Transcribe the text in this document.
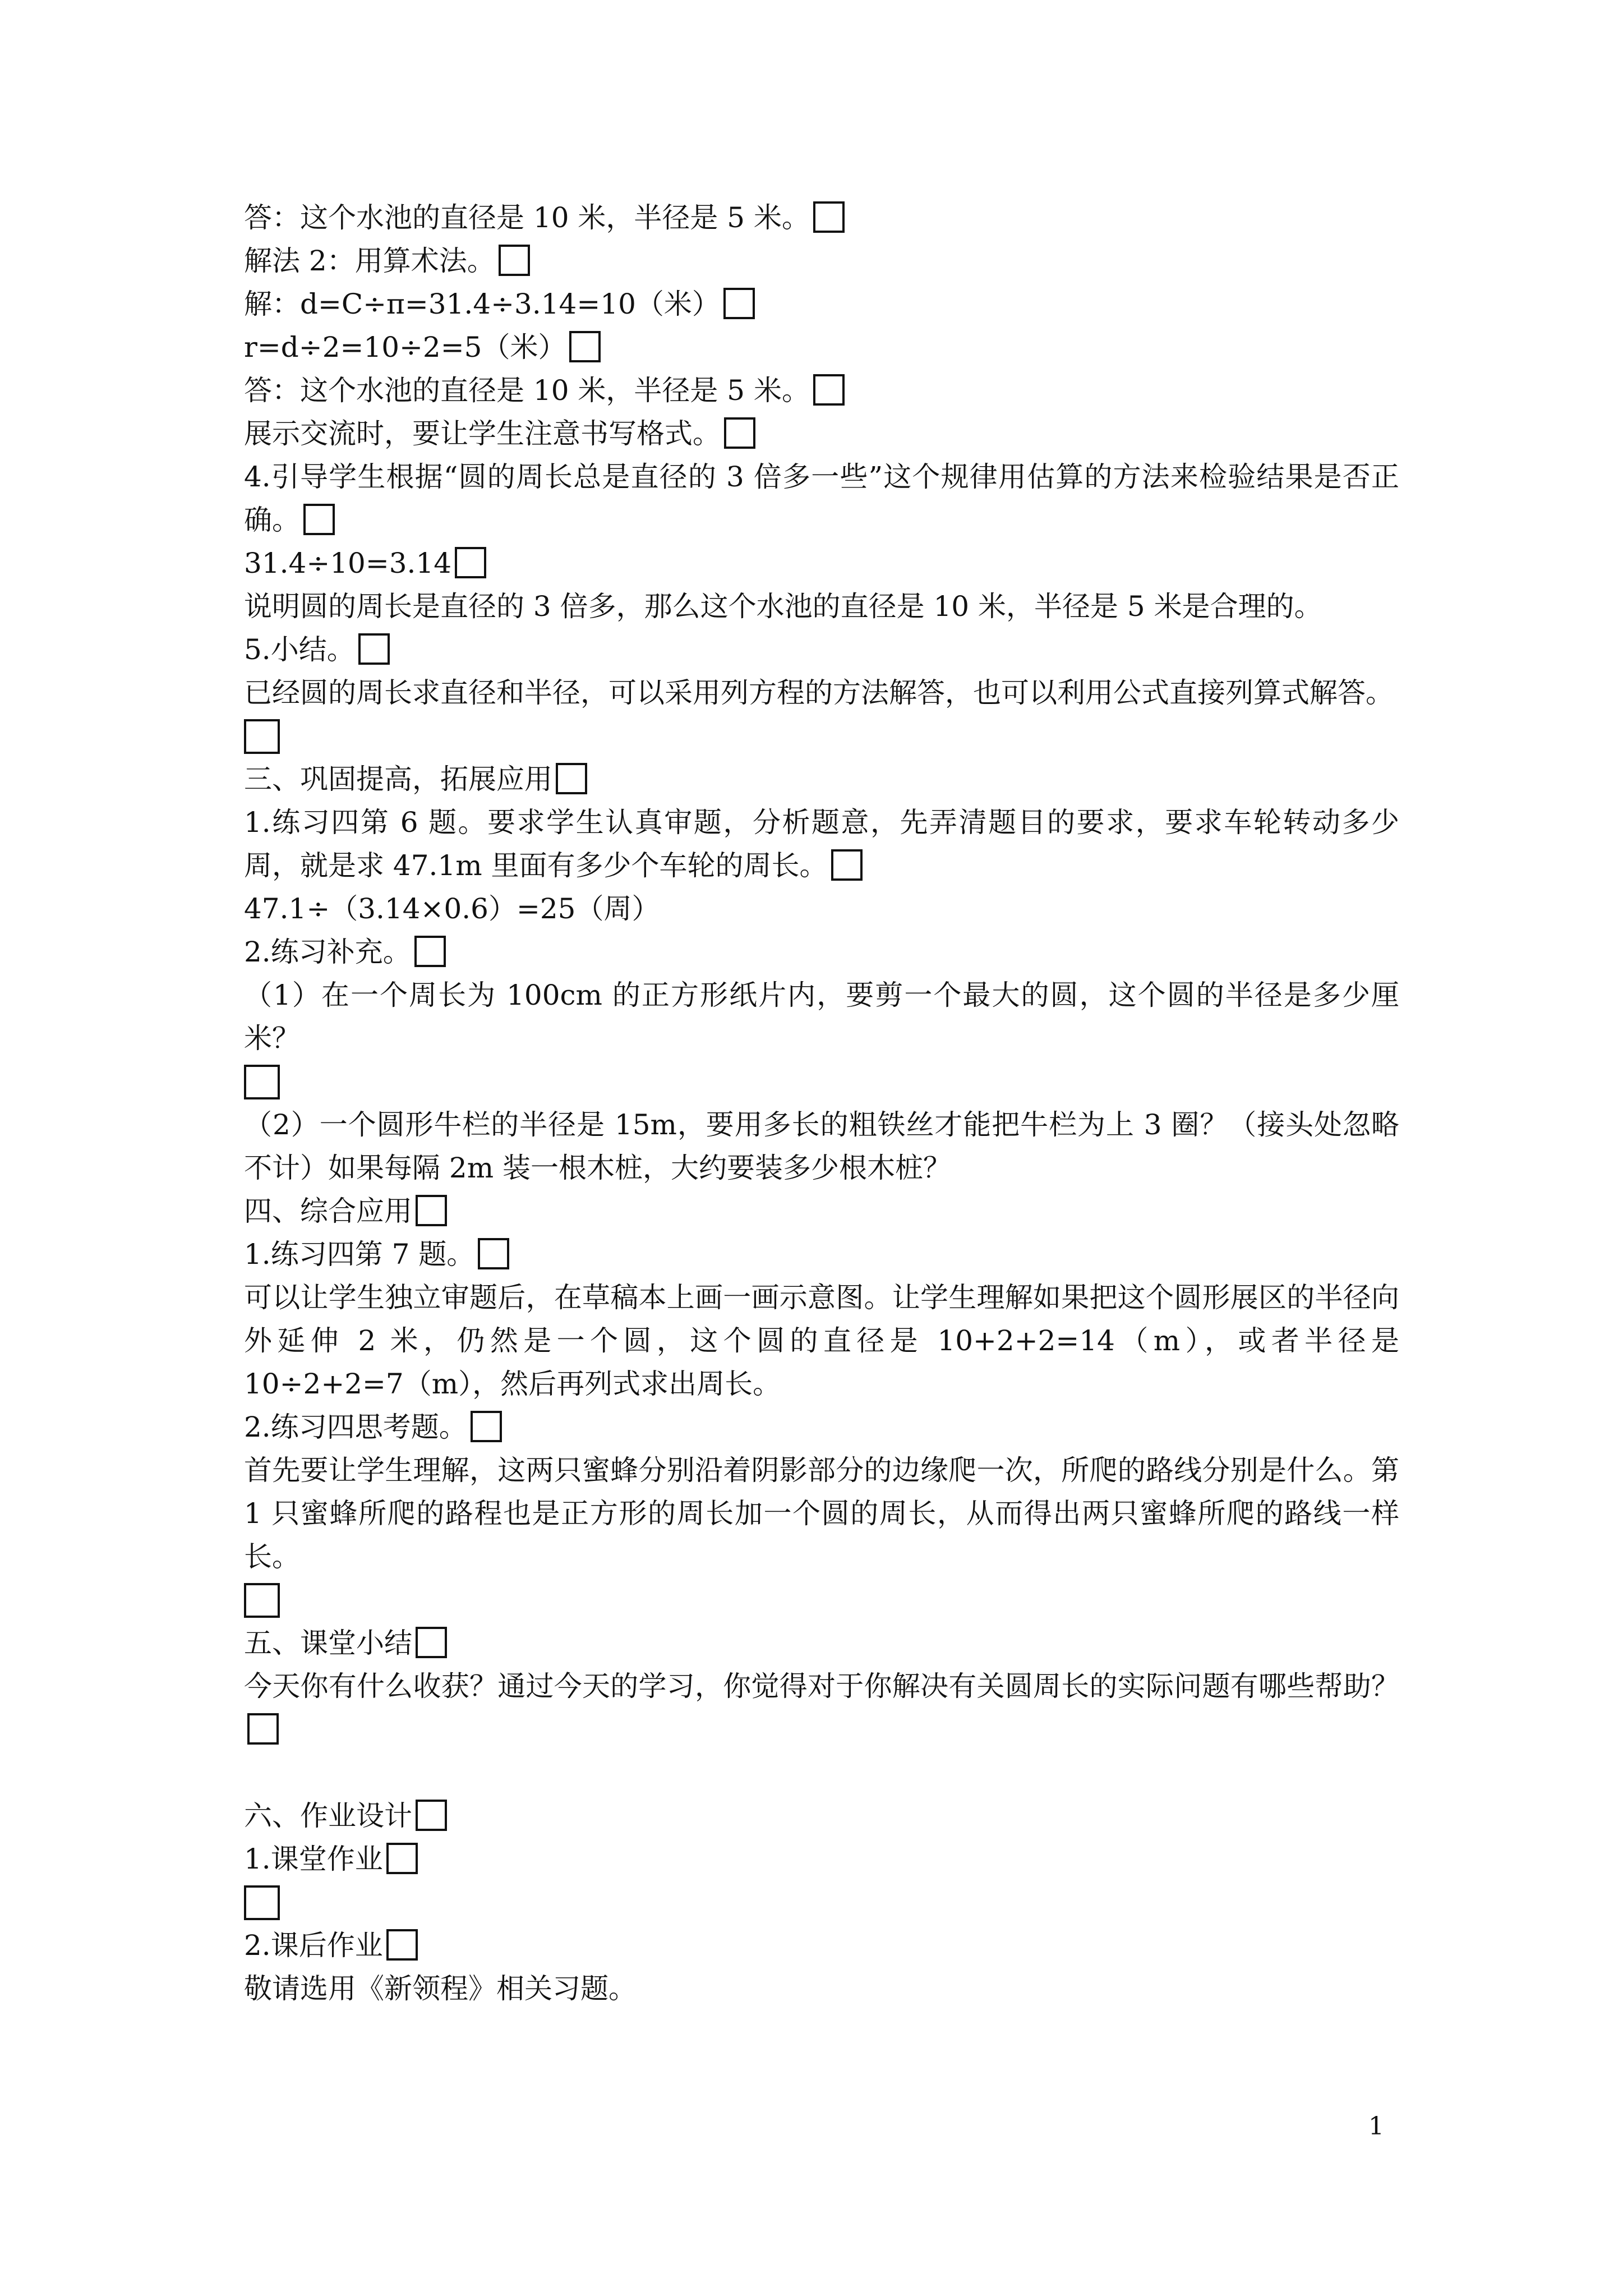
答：这个水池的直径是 10 米，半径是 5 米。
解法 2：用算术法。
解：d=C÷π=31.4÷3.14=10（米）
r=d÷2=10÷2=5（米）
答：这个水池的直径是 10 米，半径是 5 米。
展示交流时，要让学生注意书写格式。
4.引导学生根据“圆的周长总是直径的 3 倍多一些”这个规律用估算的方法来检验结果是否正确。
31.4÷10=3.14
说明圆的周长是直径的 3 倍多，那么这个水池的直径是 10 米，半径是 5 米是合理的。
5.小结。
已经圆的周长求直径和半径，可以采用列方程的方法解答，也可以利用公式直接列算式解答。
三、巩固提高，拓展应用
1.练习四第 6 题。要求学生认真审题，分析题意，先弄清题目的要求，要求车轮转动多少周，就是求 47.1m 里面有多少个车轮的周长。
47.1÷（3.14×0.6）=25（周）
2.练习补充。
（1）在一个周长为 100cm 的正方形纸片内，要剪一个最大的圆，这个圆的半径是多少厘米？
（2）一个圆形牛栏的半径是 15m，要用多长的粗铁丝才能把牛栏为上 3 圈？（接头处忽略不计）如果每隔 2m 装一根木桩，大约要装多少根木桩？
四、综合应用
1.练习四第 7 题。
可以让学生独立审题后，在草稿本上画一画示意图。让学生理解如果把这个圆形展区的半径向外延伸 2 米，仍然是一个圆，这个圆的直径是 10+2+2=14（m），或者半径是 10÷2+2=7（m），然后再列式求出周长。
2.练习四思考题。
首先要让学生理解，这两只蜜蜂分别沿着阴影部分的边缘爬一次，所爬的路线分别是什么。第 1 只蜜蜂所爬的路程也是正方形的周长加一个圆的周长，从而得出两只蜜蜂所爬的路线一样长。
五、课堂小结
今天你有什么收获？通过今天的学习，你觉得对于你解决有关圆周长的实际问题有哪些帮助？
六、作业设计
1.课堂作业
2.课后作业
敬请选用《新领程》相关习题。
1
